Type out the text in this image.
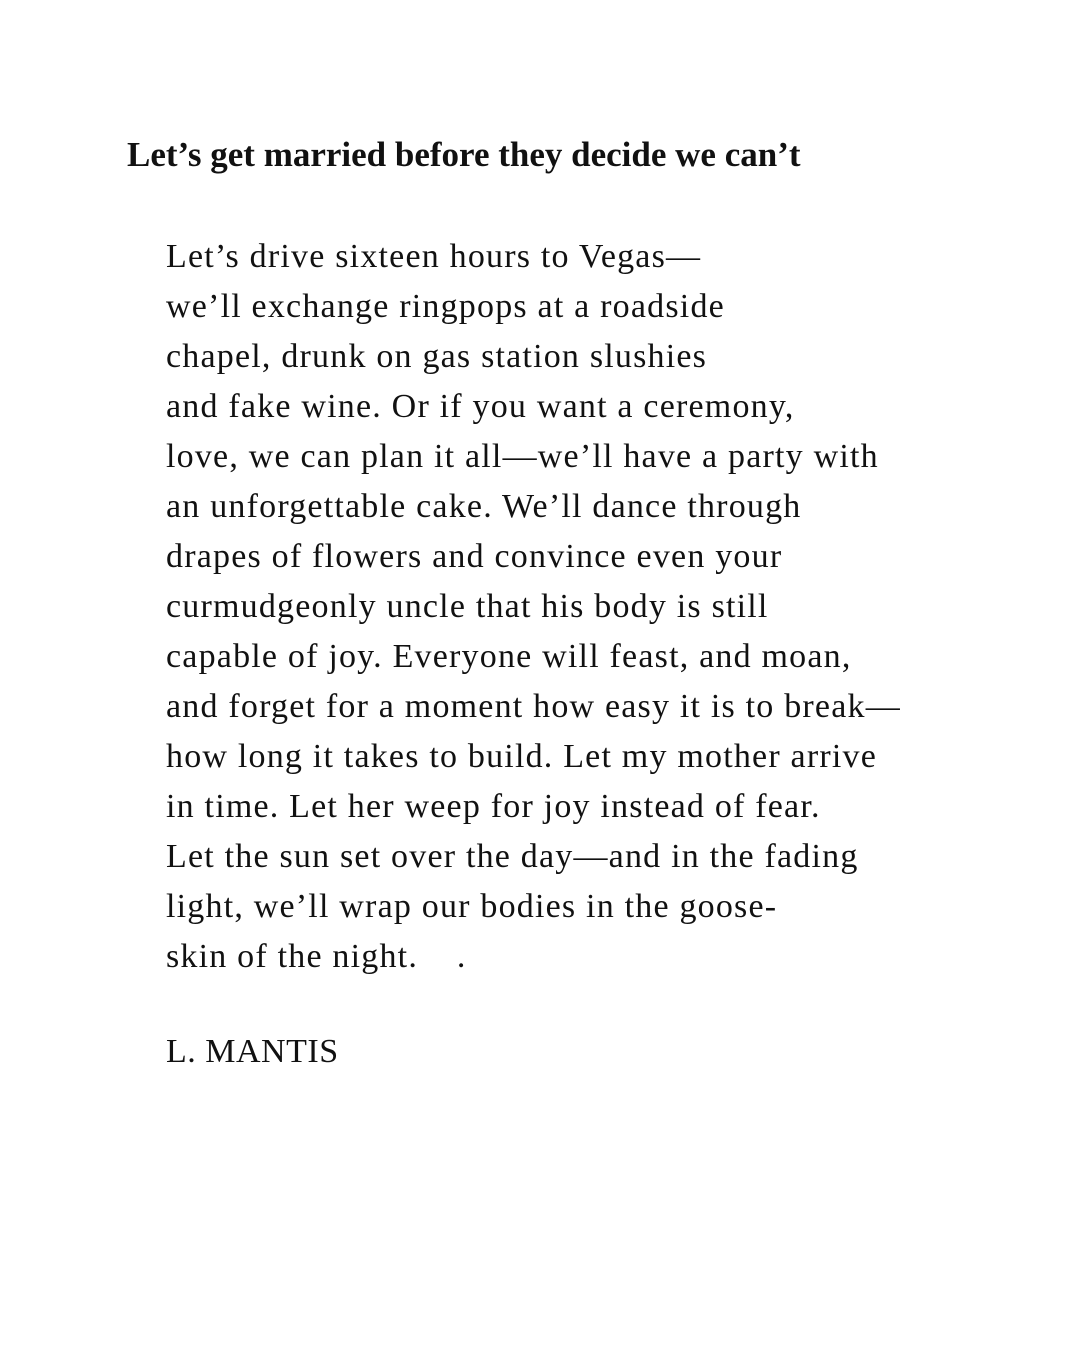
Let’s get married before they decide we can’t
Let’s drive sixteen hours to Vegas—
we’ll exchange ringpops at a roadside
chapel, drunk on gas station slushies
and fake wine. Or if you want a ceremony,
love, we can plan it all—we’ll have a party with
an unforgettable cake. We’ll dance through
drapes of flowers and convince even your
curmudgeonly uncle that his body is still
capable of joy. Everyone will feast, and moan,
and forget for a moment how easy it is to break—
how long it takes to build. Let my mother arrive
in time. Let her weep for joy instead of fear.
Let the sun set over the day—and in the fading
light, we’ll wrap our bodies in the goose-
skin of the night.    .

L. MANTIS
